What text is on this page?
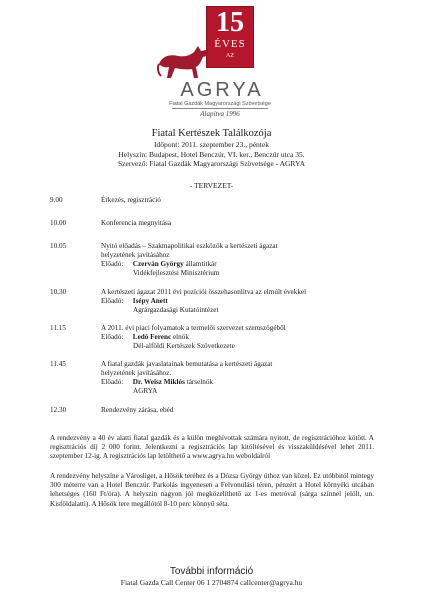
15
ÉVES
AZ
AGRYA
Fiatal Gazdák Magyarországi Szövetsége
Alapítva 1996
Fiatal Kertészek Találkozója
Időpont: 2011. szeptember 23., péntek
Helyszín: Budapest, Hotel Benczúr, VI. ker., Benczúr utca 35.
Szervező: Fiatal Gazdák Magyarországi Szövetsége - AGRYA
- TERVEZET-
9.00	Érkezés, regisztráció
10.00	Konferencia megnyitása
10.05	Nyitó előadás – Szakmapolitikai eszközök a kertészeti ágazat
helyzetének javításához
Előadó: Czerván György államtitkár
Vidékfejlesztési Minisztérium
10.30	A kertészeti ágazat 2011 évi pozíciói összehasonlítva az elmúlt évekkel
Előadó: Isépy Anett
Agrárgazdasági Kutatóintézet
11.15	A 2011. évi piaci folyamatok a termelői szervezet szemszögéből
Előadó: Ledó Ferenc elnök
Dél-alföldi Kertészek Szövetkezete
11.45	A fiatal gazdák javaslatainak bemutatása a kertészeti ágazat
helyzetének javításához.
Előadó: Dr. Weisz Miklós társelnök
AGRYA
12.30	Rendezvény zárása, ebéd
A rendezvény a 40 év alatti fiatal gazdák és a külön meghívottak számára nyitott, de regisztrációhoz kötött. A regisztrációs díj 2 000 forint. Jelentkezni a regisztrációs lap kitöltésével és visszaküldésével lehet 2011. szeptember 12-ig. A regisztrációs lap letölthető a www.agrya.hu weboldalról
A rendezvény helyszíne a Városliget, a Hősök teréhez és a Dózsa György úthoz van közel. Ez utóbbitól mintegy 300 méterre van a Hotel Benczúr. Parkolás ingyenesen a Felvonulási téren, pénzért a Hotel környéki utcában lehetséges (160 Ft/óra). A helyszín nagyon jól megközelíthető az 1-es metróval (sárga színnel jelölt, un. Kisföldalatti). A Hősök tere megállótól 8-10 perc könnyű séta.
További információ
Fiatal Gazda Call Center 06 1 2704874 callcenter@agrya.hu
